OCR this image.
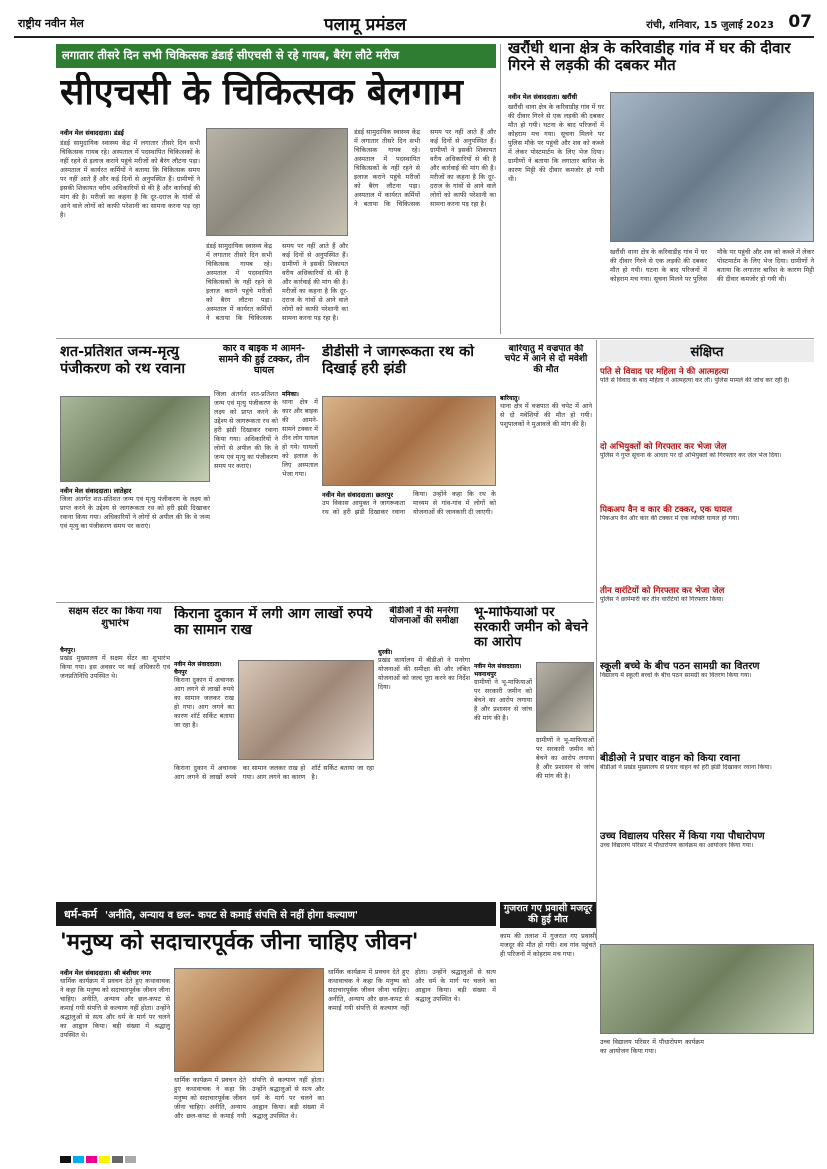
राष्ट्रीय नवीन मेल	पलामू प्रमंडल	रांची, शनिवार, 15 जुलाई 2023 07
लगातार तीसरे दिन सभी चिकित्सक डंडाई सीएचसी से रहे गायब, बैरंग लौटे मरीज
सीएचसी के चिकित्सक बेलगाम
नवीन मेल संवाददाता। डंडई
डंडई सामुदायिक स्वास्थ्य केंद्र में लगातार तीसरे दिन सभी चिकित्सक गायब रहे। अस्पताल में पदस्थापित चिकित्सकों के नहीं रहने से इलाज कराने पहुंचे मरीजों को बैरंग लौटना पड़ा। अस्पताल में कार्यरत कर्मियों ने बताया कि चिकित्सक समय पर नहीं आते हैं और कई दिनों से अनुपस्थित हैं। ग्रामीणों ने इसकी शिकायत वरीय अधिकारियों से की है और कार्रवाई की मांग की है। मरीजों का कहना है कि दूर-दराज के गांवों से आने वाले लोगों को काफी परेशानी का सामना करना पड़ रहा है।
डंडई सामुदायिक स्वास्थ्य केंद्र में लगातार तीसरे दिन सभी चिकित्सक गायब रहे। अस्पताल में पदस्थापित चिकित्सकों के नहीं रहने से इलाज कराने पहुंचे मरीजों को बैरंग लौटना पड़ा। अस्पताल में कार्यरत कर्मियों ने बताया कि चिकित्सक समय पर नहीं आते हैं और कई दिनों से अनुपस्थित हैं। ग्रामीणों ने इसकी शिकायत वरीय अधिकारियों से की है और कार्रवाई की मांग की है। मरीजों का कहना है कि दूर-दराज के गांवों से आने वाले लोगों को काफी परेशानी का सामना करना पड़ रहा है।
डंडई सामुदायिक स्वास्थ्य केंद्र में लगातार तीसरे दिन सभी चिकित्सक गायब रहे। अस्पताल में पदस्थापित चिकित्सकों के नहीं रहने से इलाज कराने पहुंचे मरीजों को बैरंग लौटना पड़ा। अस्पताल में कार्यरत कर्मियों ने बताया कि चिकित्सक समय पर नहीं आते हैं और कई दिनों से अनुपस्थित हैं। ग्रामीणों ने इसकी शिकायत वरीय अधिकारियों से की है और कार्रवाई की मांग की है। मरीजों का कहना है कि दूर-दराज के गांवों से आने वाले लोगों को काफी परेशानी का सामना करना पड़ रहा है।
खरौंधी थाना क्षेत्र के करिवाडीह गांव में घर की दीवार गिरने से लड़की की दबकर मौत
नवीन मेल संवाददाता। खरौंधी
खरौंधी थाना क्षेत्र के करिवाडीह गांव में घर की दीवार गिरने से एक लड़की की दबकर मौत हो गयी। घटना के बाद परिजनों में कोहराम मच गया। सूचना मिलने पर पुलिस मौके पर पहुंची और शव को कब्जे में लेकर पोस्टमार्टम के लिए भेज दिया। ग्रामीणों ने बताया कि लगातार बारिश के कारण मिट्टी की दीवार कमजोर हो गयी थी।
खरौंधी थाना क्षेत्र के करिवाडीह गांव में घर की दीवार गिरने से एक लड़की की दबकर मौत हो गयी। घटना के बाद परिजनों में कोहराम मच गया। सूचना मिलने पर पुलिस मौके पर पहुंची और शव को कब्जे में लेकर पोस्टमार्टम के लिए भेज दिया। ग्रामीणों ने बताया कि लगातार बारिश के कारण मिट्टी की दीवार कमजोर हो गयी थी।
शत-प्रतिशत जन्म-मृत्यु पंजीकरण को रथ रवाना
नवीन मेल संवाददाता। लातेहार
जिला अंतर्गत शत-प्रतिशत जन्म एवं मृत्यु पंजीकरण के लक्ष्य को प्राप्त करने के उद्देश्य से जागरूकता रथ को हरी झंडी दिखाकर रवाना किया गया। अधिकारियों ने लोगों से अपील की कि वे जन्म एवं मृत्यु का पंजीकरण समय पर कराएं।
जिला अंतर्गत शत-प्रतिशत जन्म एवं मृत्यु पंजीकरण के लक्ष्य को प्राप्त करने के उद्देश्य से जागरूकता रथ को हरी झंडी दिखाकर रवाना किया गया। अधिकारियों ने लोगों से अपील की कि वे जन्म एवं मृत्यु का पंजीकरण समय पर कराएं।
कार व बाइक में आमने-सामने की हुई टक्कर, तीन घायल
मनिका।
थाना क्षेत्र में कार और बाइक की आमने-सामने टक्कर में तीन लोग घायल हो गये। घायलों को इलाज के लिए अस्पताल भेजा गया।
डीडीसी ने जागरूकता रथ को दिखाई हरी झंडी
नवीन मेल संवाददाता। छतरपुर
उप विकास आयुक्त ने जागरूकता रथ को हरी झंडी दिखाकर रवाना किया। उन्होंने कहा कि रथ के माध्यम से गांव-गांव में लोगों को योजनाओं की जानकारी दी जाएगी।
बारियातु में वज्रपात की चपेट में आने से दो मवेशी की मौत
बारियातु।
थाना क्षेत्र में वज्रपात की चपेट में आने से दो मवेशियों की मौत हो गयी। पशुपालकों ने मुआवजे की मांग की है।
संक्षिप्त
पति से विवाद पर महिला ने की आत्महत्या
पति से विवाद के बाद महिला ने आत्महत्या कर ली। पुलिस मामले की जांच कर रही है।
दो अभियुक्तों को गिरफ्तार कर भेजा जेल
पुलिस ने गुप्त सूचना के आधार पर दो अभियुक्तों को गिरफ्तार कर जेल भेज दिया।
पिकअप वैन व कार की टक्कर, एक घायल
पिकअप वैन और कार की टक्कर में एक व्यक्ति घायल हो गया।
तीन वारंटियों को गिरफ्तार कर भेजा जेल
पुलिस ने छापेमारी कर तीन वारंटियों को गिरफ्तार किया।
स्कूली बच्चे के बीच पठन सामग्री का वितरण
विद्यालय में स्कूली बच्चों के बीच पठन सामग्री का वितरण किया गया।
बीडीओ ने प्रचार वाहन को किया रवाना
बीडीओ ने प्रखंड मुख्यालय से प्रचार वाहन को हरी झंडी दिखाकर रवाना किया।
उच्च विद्यालय परिसर में किया गया पौधारोपण
उच्च विद्यालय परिसर में पौधारोपण कार्यक्रम का आयोजन किया गया।
सक्षम सेंटर का किया गया शुभारंभ
चैनपुर।
प्रखंड मुख्यालय में सक्षम सेंटर का शुभारंभ किया गया। इस अवसर पर कई अधिकारी एवं जनप्रतिनिधि उपस्थित थे।
किराना दुकान में लगी आग लाखों रुपये का सामान राख
नवीन मेल संवाददाता। चैनपुर
किराना दुकान में अचानक आग लगने से लाखों रुपये का सामान जलकर राख हो गया। आग लगने का कारण शॉर्ट सर्किट बताया जा रहा है।
किराना दुकान में अचानक आग लगने से लाखों रुपये का सामान जलकर राख हो गया। आग लगने का कारण शॉर्ट सर्किट बताया जा रहा है।
बीडीओ ने की मनरेगा योजनाओं की समीक्षा
धुरकी।
प्रखंड कार्यालय में बीडीओ ने मनरेगा योजनाओं की समीक्षा की और लंबित योजनाओं को जल्द पूरा करने का निर्देश दिया।
भू-माफियाओं पर सरकारी जमीन को बेचने का आरोप
नवीन मेल संवाददाता। भवनाथपुर
ग्रामीणों ने भू-माफियाओं पर सरकारी जमीन को बेचने का आरोप लगाया है और प्रशासन से जांच की मांग की है।
ग्रामीणों ने भू-माफियाओं पर सरकारी जमीन को बेचने का आरोप लगाया है और प्रशासन से जांच की मांग की है।
धर्म-कर्म 'अनीति, अन्याय व छल- कपट से कमाई संपत्ति से नहीं होगा कल्याण'
गुजरात गए प्रवासी मजदूर की हुई मौत
काम की तलाश में गुजरात गए प्रवासी मजदूर की मौत हो गयी। शव गांव पहुंचते ही परिजनों में कोहराम मच गया।
'मनुष्य को सदाचारपूर्वक जीना चाहिए जीवन'
नवीन मेल संवाददाता। श्री बंशीधर नगर
धार्मिक कार्यक्रम में प्रवचन देते हुए कथावाचक ने कहा कि मनुष्य को सदाचारपूर्वक जीवन जीना चाहिए। अनीति, अन्याय और छल-कपट से कमाई गयी संपत्ति से कल्याण नहीं होता। उन्होंने श्रद्धालुओं से सत्य और धर्म के मार्ग पर चलने का आह्वान किया। बड़ी संख्या में श्रद्धालु उपस्थित थे।
धार्मिक कार्यक्रम में प्रवचन देते हुए कथावाचक ने कहा कि मनुष्य को सदाचारपूर्वक जीवन जीना चाहिए। अनीति, अन्याय और छल-कपट से कमाई गयी संपत्ति से कल्याण नहीं होता। उन्होंने श्रद्धालुओं से सत्य और धर्म के मार्ग पर चलने का आह्वान किया। बड़ी संख्या में श्रद्धालु उपस्थित थे।
धार्मिक कार्यक्रम में प्रवचन देते हुए कथावाचक ने कहा कि मनुष्य को सदाचारपूर्वक जीवन जीना चाहिए। अनीति, अन्याय और छल-कपट से कमाई गयी संपत्ति से कल्याण नहीं होता। उन्होंने श्रद्धालुओं से सत्य और धर्म के मार्ग पर चलने का आह्वान किया। बड़ी संख्या में श्रद्धालु उपस्थित थे।
उच्च विद्यालय परिसर में पौधारोपण कार्यक्रम का आयोजन किया गया।
